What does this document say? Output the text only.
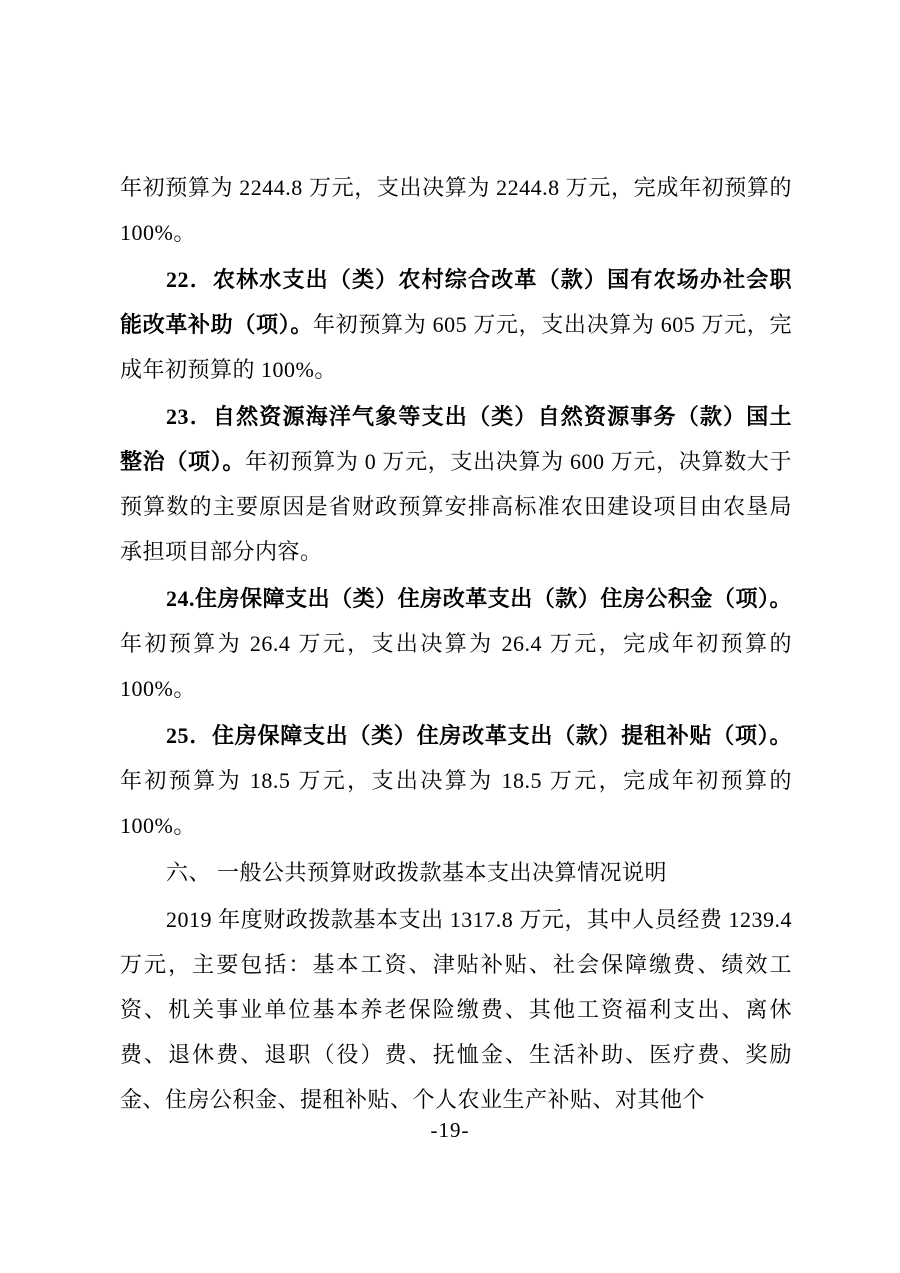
年初预算为 2244.8 万元，支出决算为 2244.8 万元，完成年初预算的 100%。

22．农林水支出（类）农村综合改革（款）国有农场办社会职能改革补助（项）。年初预算为 605 万元，支出决算为 605 万元，完成年初预算的 100%。

23．自然资源海洋气象等支出（类）自然资源事务（款）国土整治（项）。年初预算为 0 万元，支出决算为 600 万元，决算数大于预算数的主要原因是省财政预算安排高标准农田建设项目由农垦局承担项目部分内容。

24.住房保障支出（类）住房改革支出（款）住房公积金（项）。年初预算为 26.4 万元，支出决算为 26.4 万元，完成年初预算的 100%。

25．住房保障支出（类）住房改革支出（款）提租补贴（项）。年初预算为 18.5 万元，支出决算为 18.5 万元，完成年初预算的 100%。

六、 一般公共预算财政拨款基本支出决算情况说明

2019 年度财政拨款基本支出 1317.8 万元，其中人员经费 1239.4 万元，主要包括：基本工资、津贴补贴、社会保障缴费、绩效工资、机关事业单位基本养老保险缴费、其他工资福利支出、离休费、退休费、退职（役）费、抚恤金、生活补助、医疗费、奖励金、住房公积金、提租补贴、个人农业生产补贴、对其他个

-19-
